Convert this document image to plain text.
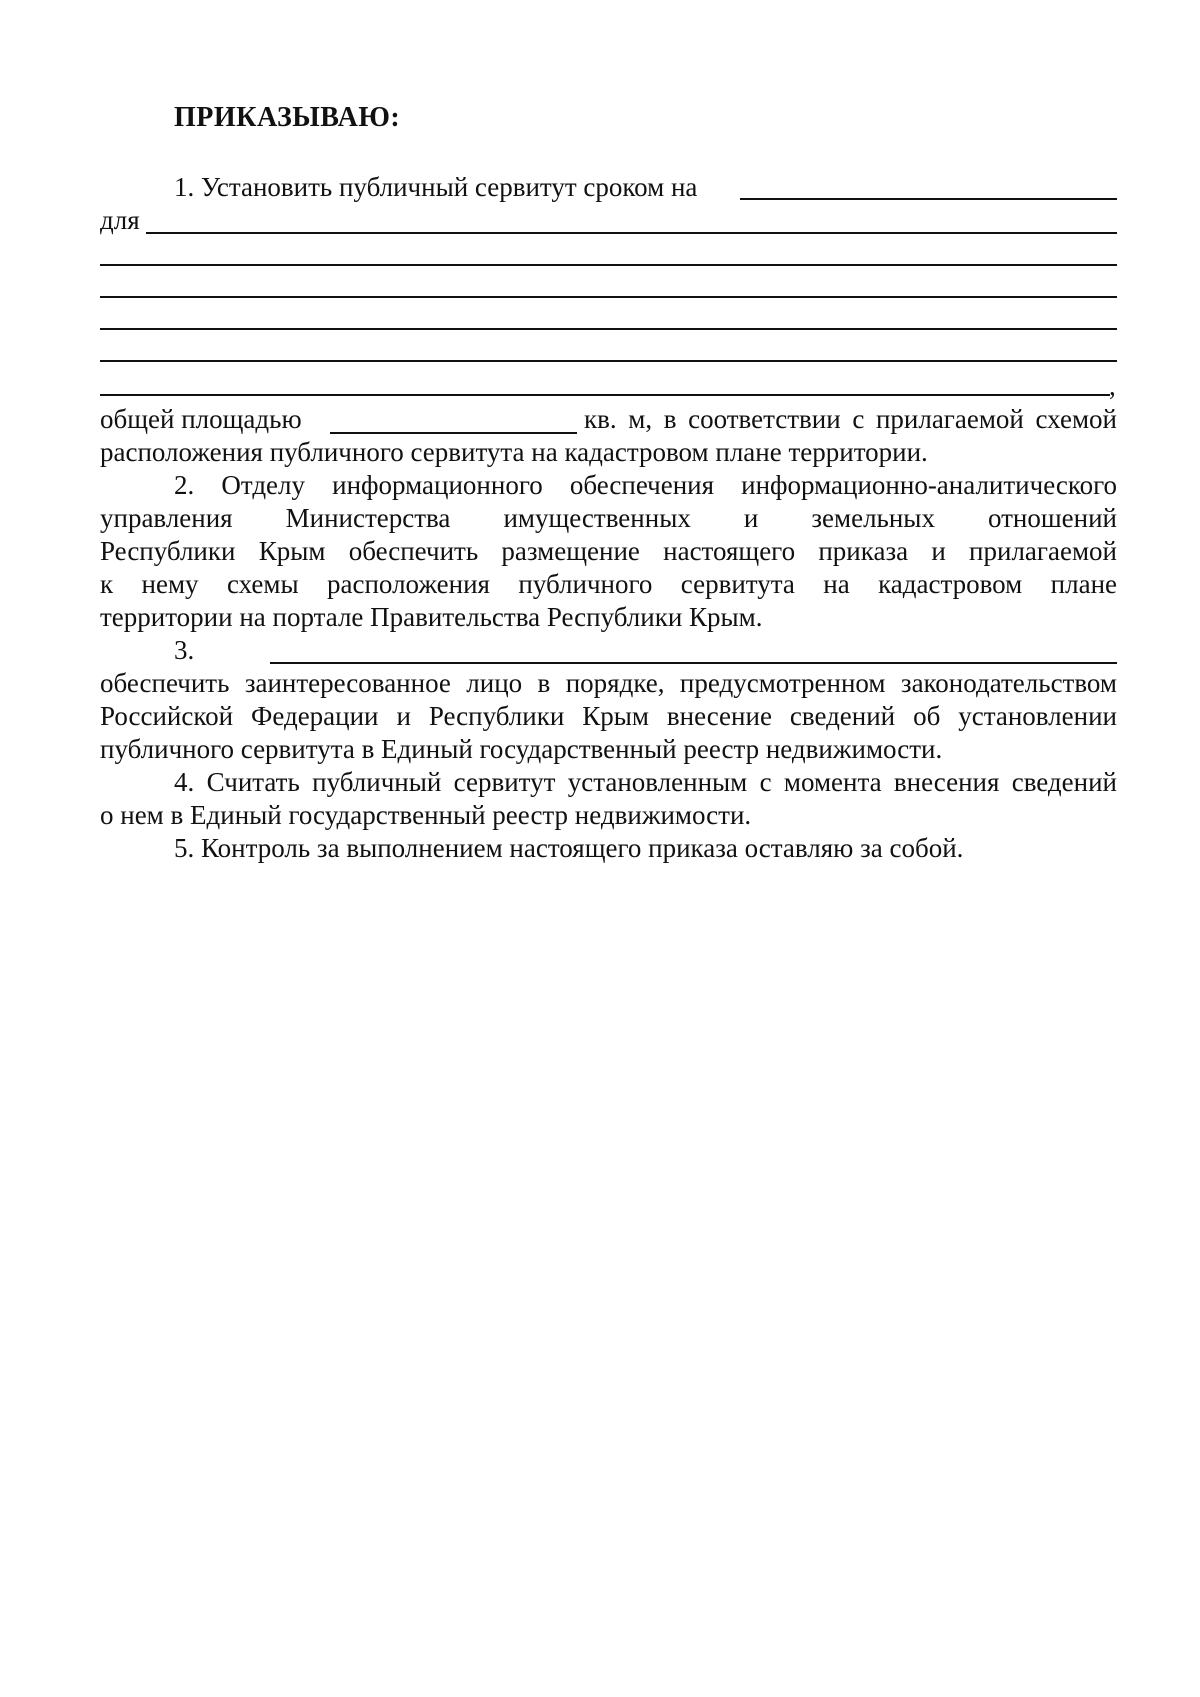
ПРИКАЗЫВАЮ:
1. Установить публичный сервитут сроком на
для
,
общей площадью	кв. м, в соответствии с прилагаемой схемой
расположения публичного сервитута на кадастровом плане территории.
2. Отделу информационного обеспечения информационно-аналитического
управления Министерства имущественных и земельных отношений
Республики Крым обеспечить размещение настоящего приказа и прилагаемой
к нему схемы расположения публичного сервитута на кадастровом плане
территории на портале Правительства Республики Крым.
3.
обеспечить заинтересованное лицо в порядке, предусмотренном законодательством
Российской Федерации и Республики Крым внесение сведений об установлении
публичного сервитута в Единый государственный реестр недвижимости.
4. Считать публичный сервитут установленным с момента внесения сведений
о нем в Единый государственный реестр недвижимости.
5. Контроль за выполнением настоящего приказа оставляю за собой.
